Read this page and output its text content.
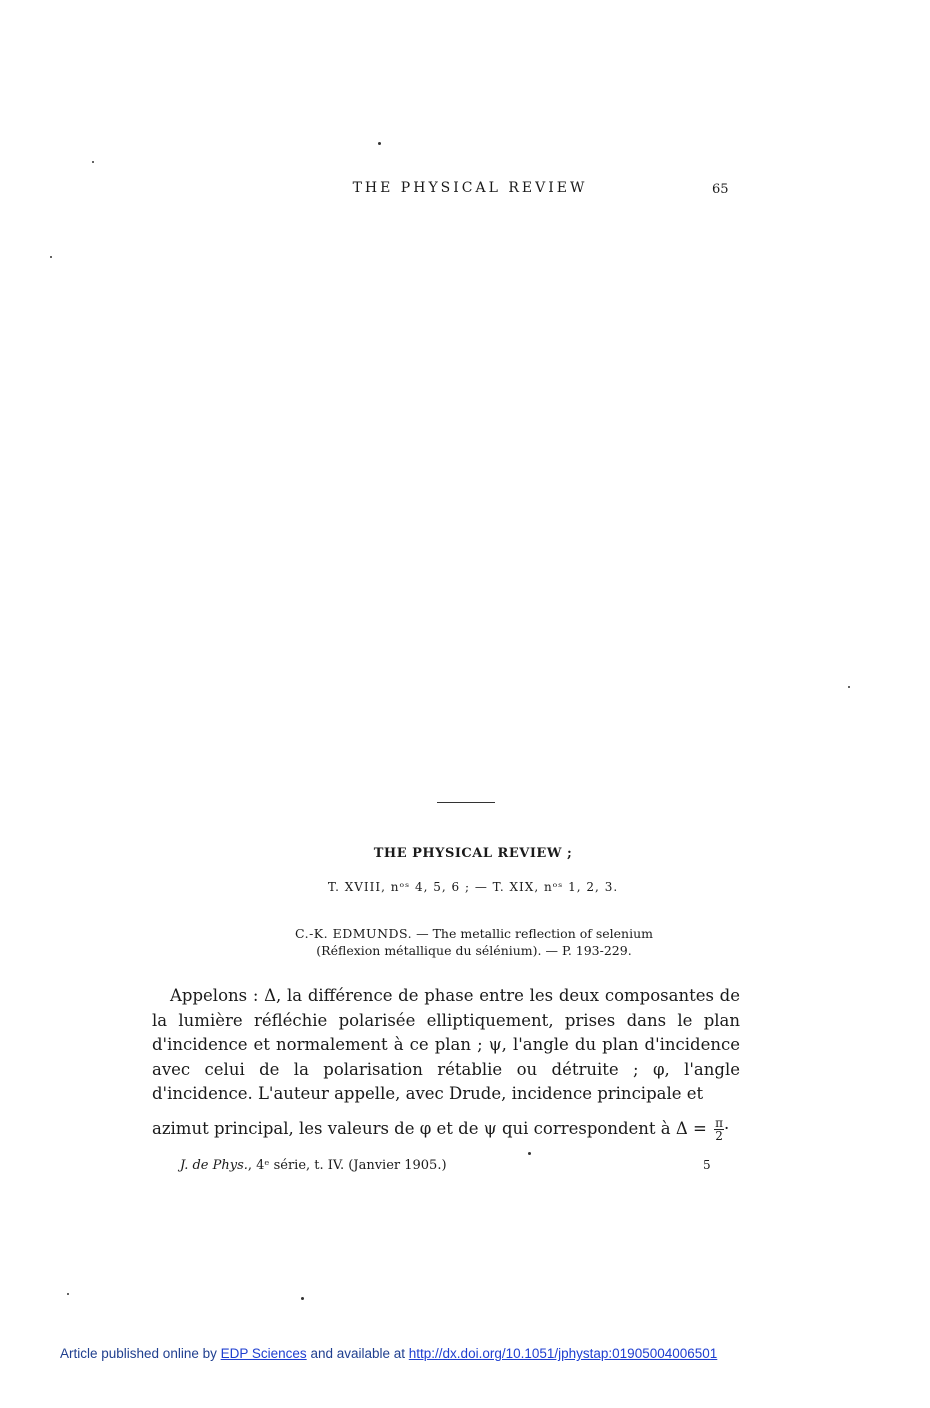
THE PHYSICAL REVIEW	65
THE PHYSICAL REVIEW ;
T. XVIII, nᵒˢ 4, 5, 6 ; — T. XIX, nᵒˢ 1, 2, 3.
C.-K. EDMUNDS. — The metallic reflection of selenium
(Réflexion métallique du sélénium). — P. 193-229.
Appelons : Δ, la différence de phase entre les deux composantes de la lumière réfléchie polarisée elliptiquement, prises dans le plan d'incidence et normalement à ce plan ; ψ, l'angle du plan d'incidence avec celui de la polarisation rétablie ou détruite ; φ, l'angle d'incidence. L'auteur appelle, avec Drude, incidence principale et
azimut principal, les valeurs de φ et de ψ qui correspondent à $\Delta = \frac{\pi}{2}$ ·
J. de Phys., 4ᵉ série, t. IV. (Janvier 1905.)	5
Article published online by EDP Sciences and available at http://dx.doi.org/10.1051/jphystap:01905004006501
